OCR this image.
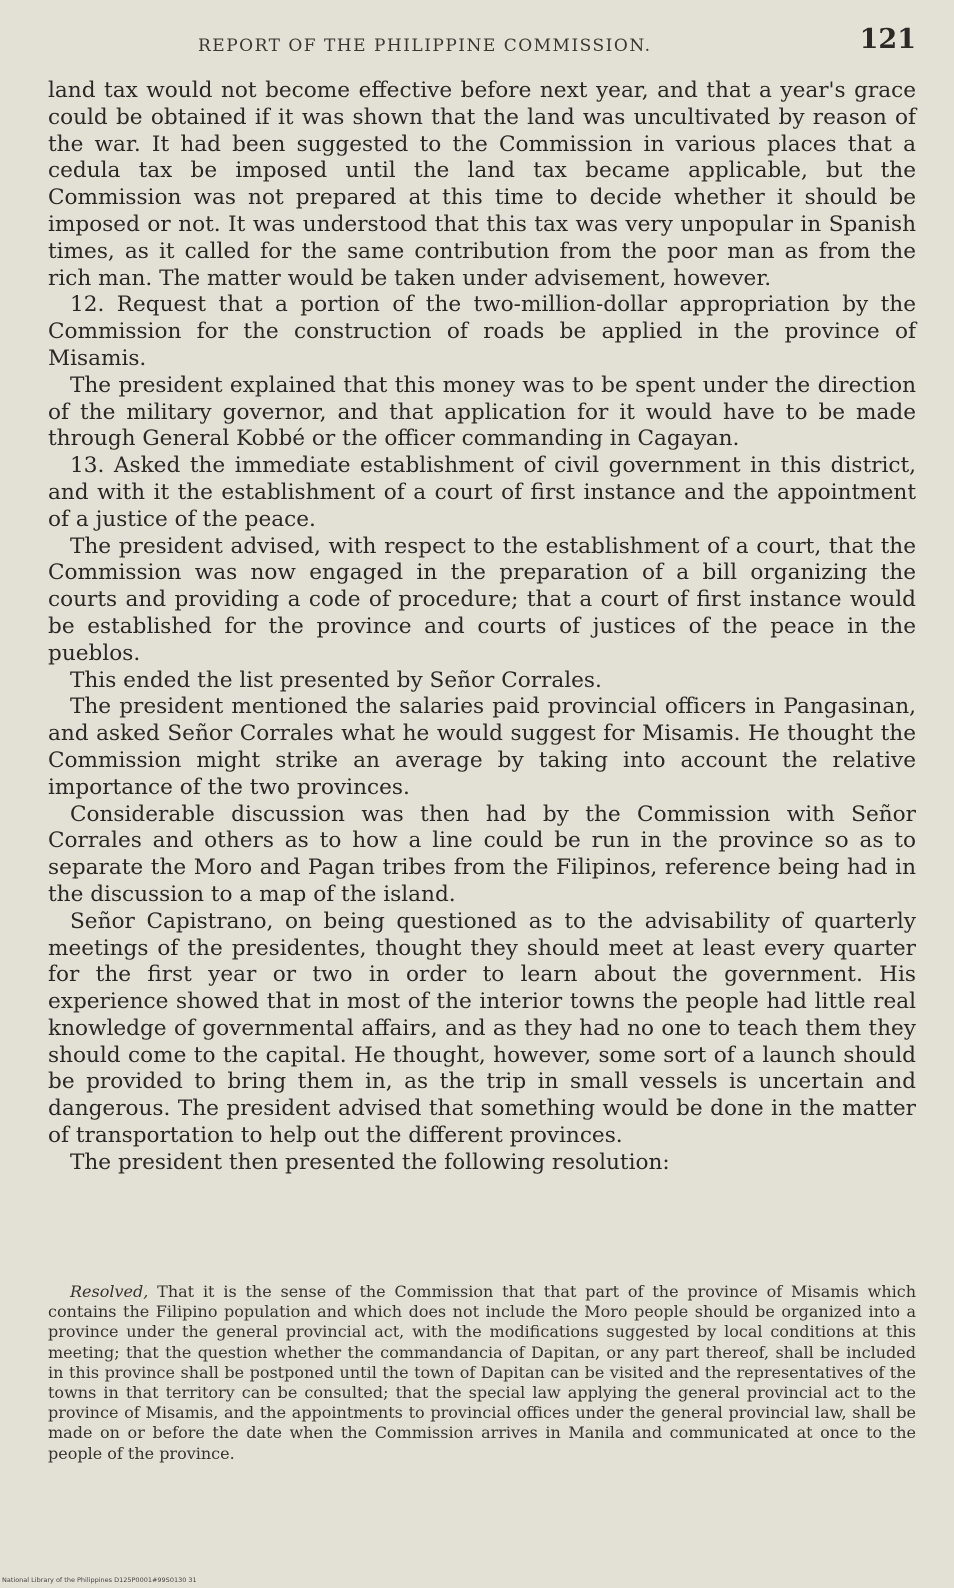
REPORT OF THE PHILIPPINE COMMISSION.	121

land tax would not become effective before next year, and that a year's grace could be obtained if it was shown that the land was uncultivated by reason of the war. It had been suggested to the Commission in various places that a cedula tax be imposed until the land tax became applicable, but the Commission was not prepared at this time to decide whether it should be imposed or not. It was understood that this tax was very unpopular in Spanish times, as it called for the same contribution from the poor man as from the rich man. The matter would be taken under advisement, however.

12. Request that a portion of the two-million-dollar appropriation by the Commission for the construction of roads be applied in the province of Misamis.

The president explained that this money was to be spent under the direction of the military governor, and that application for it would have to be made through General Kobbé or the officer commanding in Cagayan.

13. Asked the immediate establishment of civil government in this district, and with it the establishment of a court of first instance and the appointment of a justice of the peace.

The president advised, with respect to the establishment of a court, that the Commission was now engaged in the preparation of a bill organizing the courts and providing a code of procedure; that a court of first instance would be established for the province and courts of justices of the peace in the pueblos.

This ended the list presented by Señor Corrales.

The president mentioned the salaries paid provincial officers in Pangasinan, and asked Señor Corrales what he would suggest for Misamis. He thought the Commission might strike an average by taking into account the relative importance of the two provinces.

Considerable discussion was then had by the Commission with Señor Corrales and others as to how a line could be run in the province so as to separate the Moro and Pagan tribes from the Filipinos, reference being had in the discussion to a map of the island.

Señor Capistrano, on being questioned as to the advisability of quarterly meetings of the presidentes, thought they should meet at least every quarter for the first year or two in order to learn about the government. His experience showed that in most of the interior towns the people had little real knowledge of governmental affairs, and as they had no one to teach them they should come to the capital. He thought, however, some sort of a launch should be provided to bring them in, as the trip in small vessels is uncertain and dangerous. The president advised that something would be done in the matter of transportation to help out the different provinces.

The president then presented the following resolution:

Resolved, That it is the sense of the Commission that that part of the province of Misamis which contains the Filipino population and which does not include the Moro people should be organized into a province under the general provincial act, with the modifications suggested by local conditions at this meeting; that the question whether the commandancia of Dapitan, or any part thereof, shall be included in this province shall be postponed until the town of Dapitan can be visited and the representatives of the towns in that territory can be consulted; that the special law applying the general provincial act to the province of Misamis, and the appointments to provincial offices under the general provincial law, shall be made on or before the date when the Commission arrives in Manila and communicated at once to the people of the province.
National Library of the Philippines D125P0001#99S0130 31
